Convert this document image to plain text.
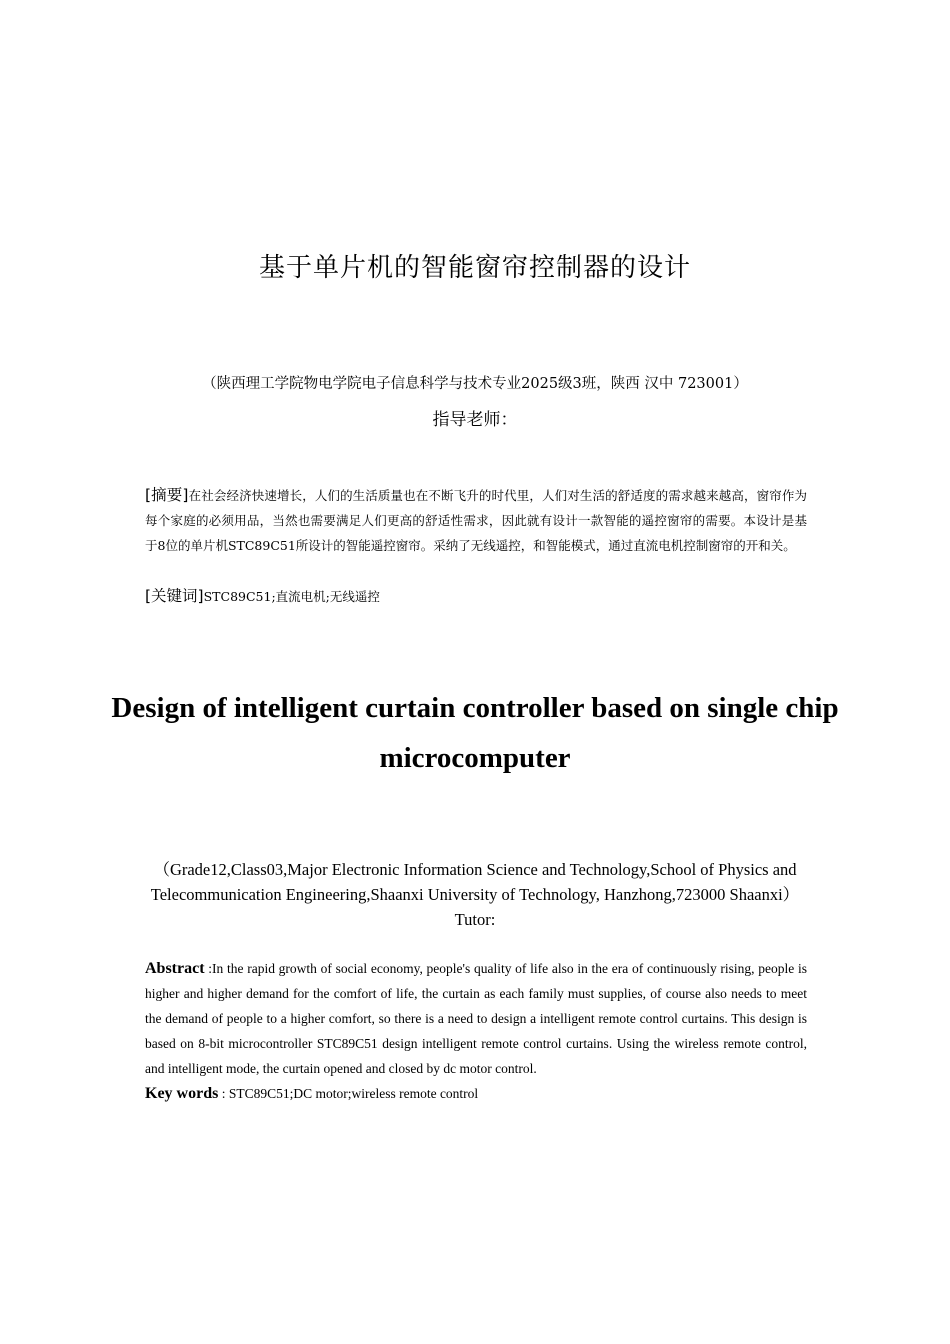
基于单片机的智能窗帘控制器的设计
（陕西理工学院物电学院电子信息科学与技术专业2025级3班，陕西 汉中 723001）
指导老师：
[摘要]在社会经济快速增长，人们的生活质量也在不断飞升的时代里，人们对生活的舒适度的需求越来越高，窗帘作为每个家庭的必须用品，当然也需要满足人们更高的舒适性需求，因此就有设计一款智能的遥控窗帘的需要。本设计是基于8位的单片机STC89C51所设计的智能遥控窗帘。采纳了无线遥控，和智能模式，通过直流电机控制窗帘的开和关。
[关键词]STC89C51;直流电机;无线遥控
Design of intelligent curtain controller based on single chip microcomputer
（Grade12,Class03,Major Electronic Information Science and Technology,School of Physics and Telecommunication Engineering,Shaanxi University of Technology, Hanzhong,723000 Shaanxi）Tutor:
Abstract :In the rapid growth of social economy, people's quality of life also in the era of continuously rising, people is higher and higher demand for the comfort of life, the curtain as each family must supplies, of course also needs to meet the demand of people to a higher comfort, so there is a need to design a intelligent remote control curtains. This design is based on 8-bit microcontroller STC89C51 design intelligent remote control curtains. Using the wireless remote control, and intelligent mode, the curtain opened and closed by dc motor control.
Key words : STC89C51;DC motor;wireless remote control
